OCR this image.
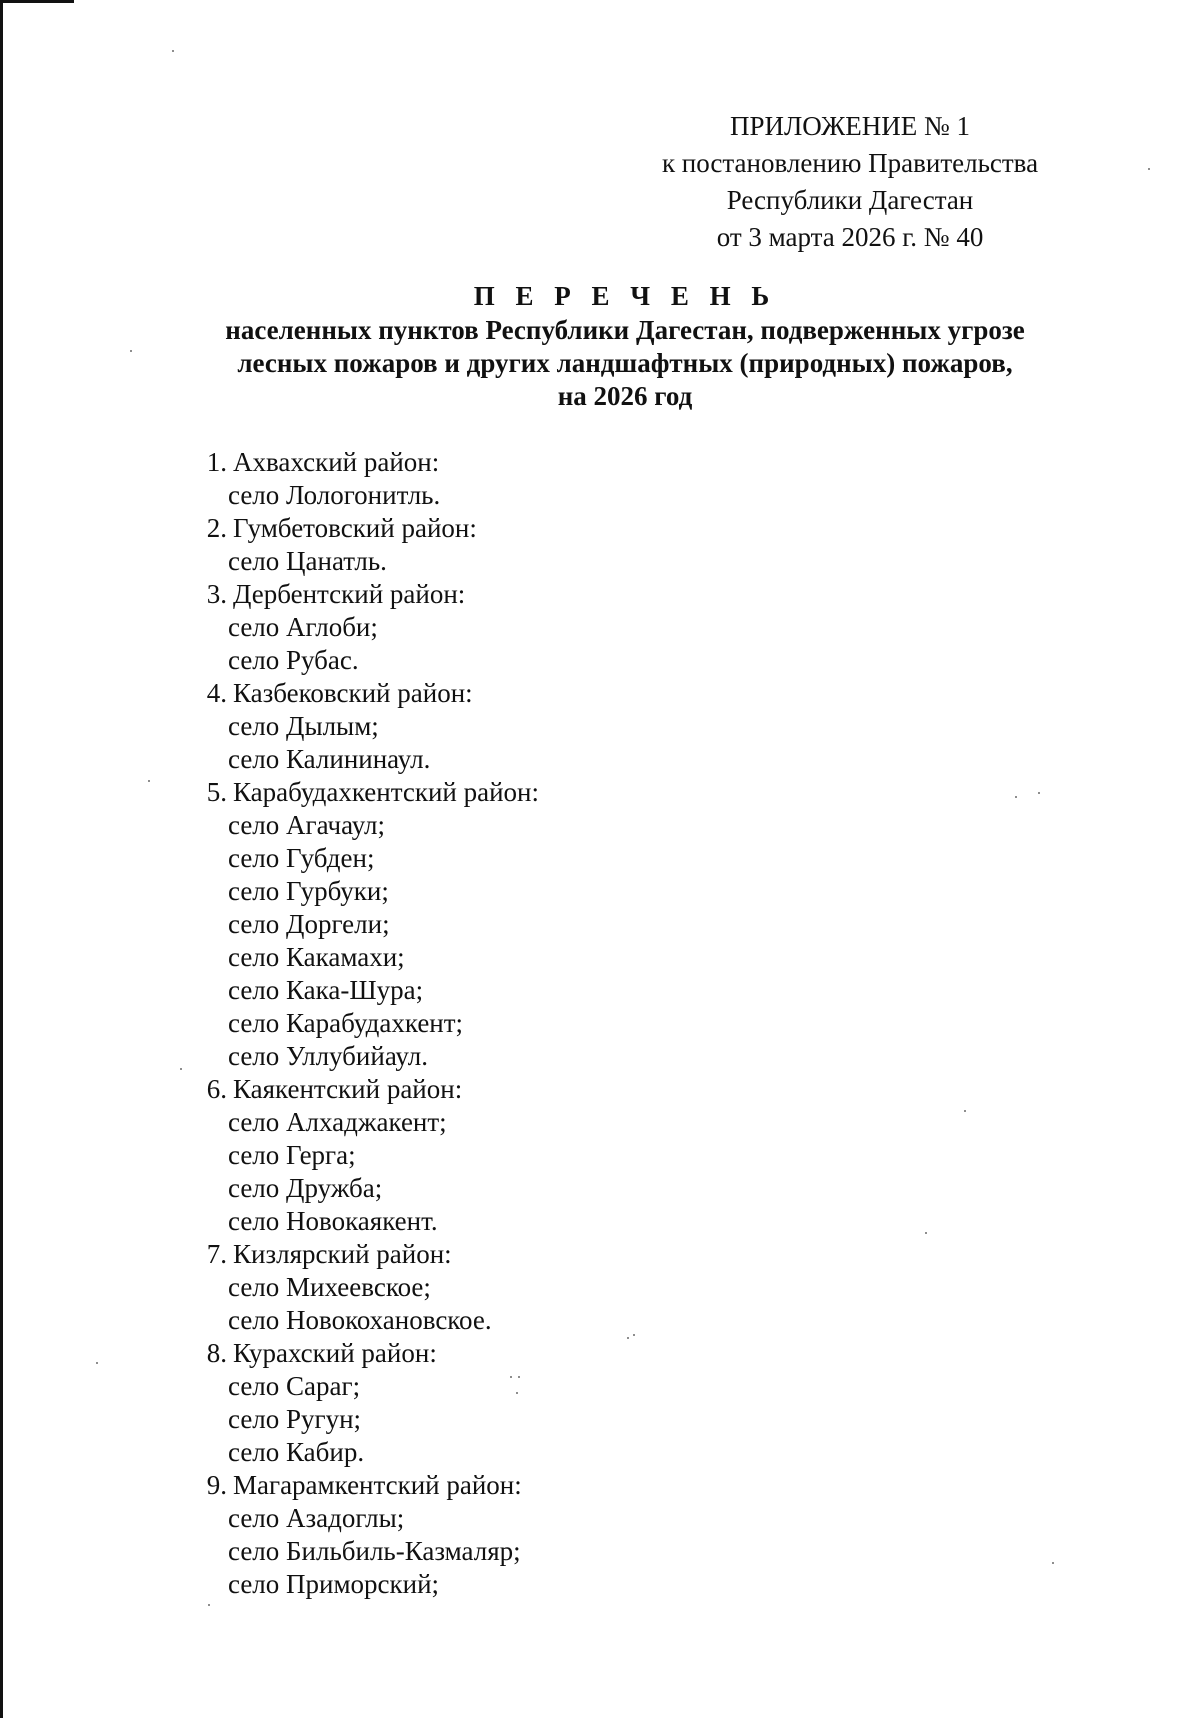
ПРИЛОЖЕНИЕ № 1
к постановлению Правительства
Республики Дагестан
от 3 марта 2026 г. № 40

П Е Р Е Ч Е Н Ь

населенных пунктов Республики Дагестан, подверженных угрозе
лесных пожаров и других ландшафтных (природных) пожаров,
на 2026 год

1. Ахвахский район:
село Лологонитль.
2. Гумбетовский район:
село Цанатль.
3. Дербентский район:
село Аглоби;
село Рубас.
4. Казбековский район:
село Дылым;
село Калининаул.
5. Карабудахкентский район:
село Агачаул;
село Губден;
село Гурбуки;
село Доргели;
село Какамахи;
село Кака-Шура;
село Карабудахкент;
село Уллубийаул.
6. Каякентский район:
село Алхаджакент;
село Герга;
село Дружба;
село Новокаякент.
7. Кизлярский район:
село Михеевское;
село Новокохановское.
8. Курахский район:
село Сараг;
село Ругун;
село Кабир.
9. Магарамкентский район:
село Азадоглы;
село Бильбиль-Казмаляр;
село Приморский;
